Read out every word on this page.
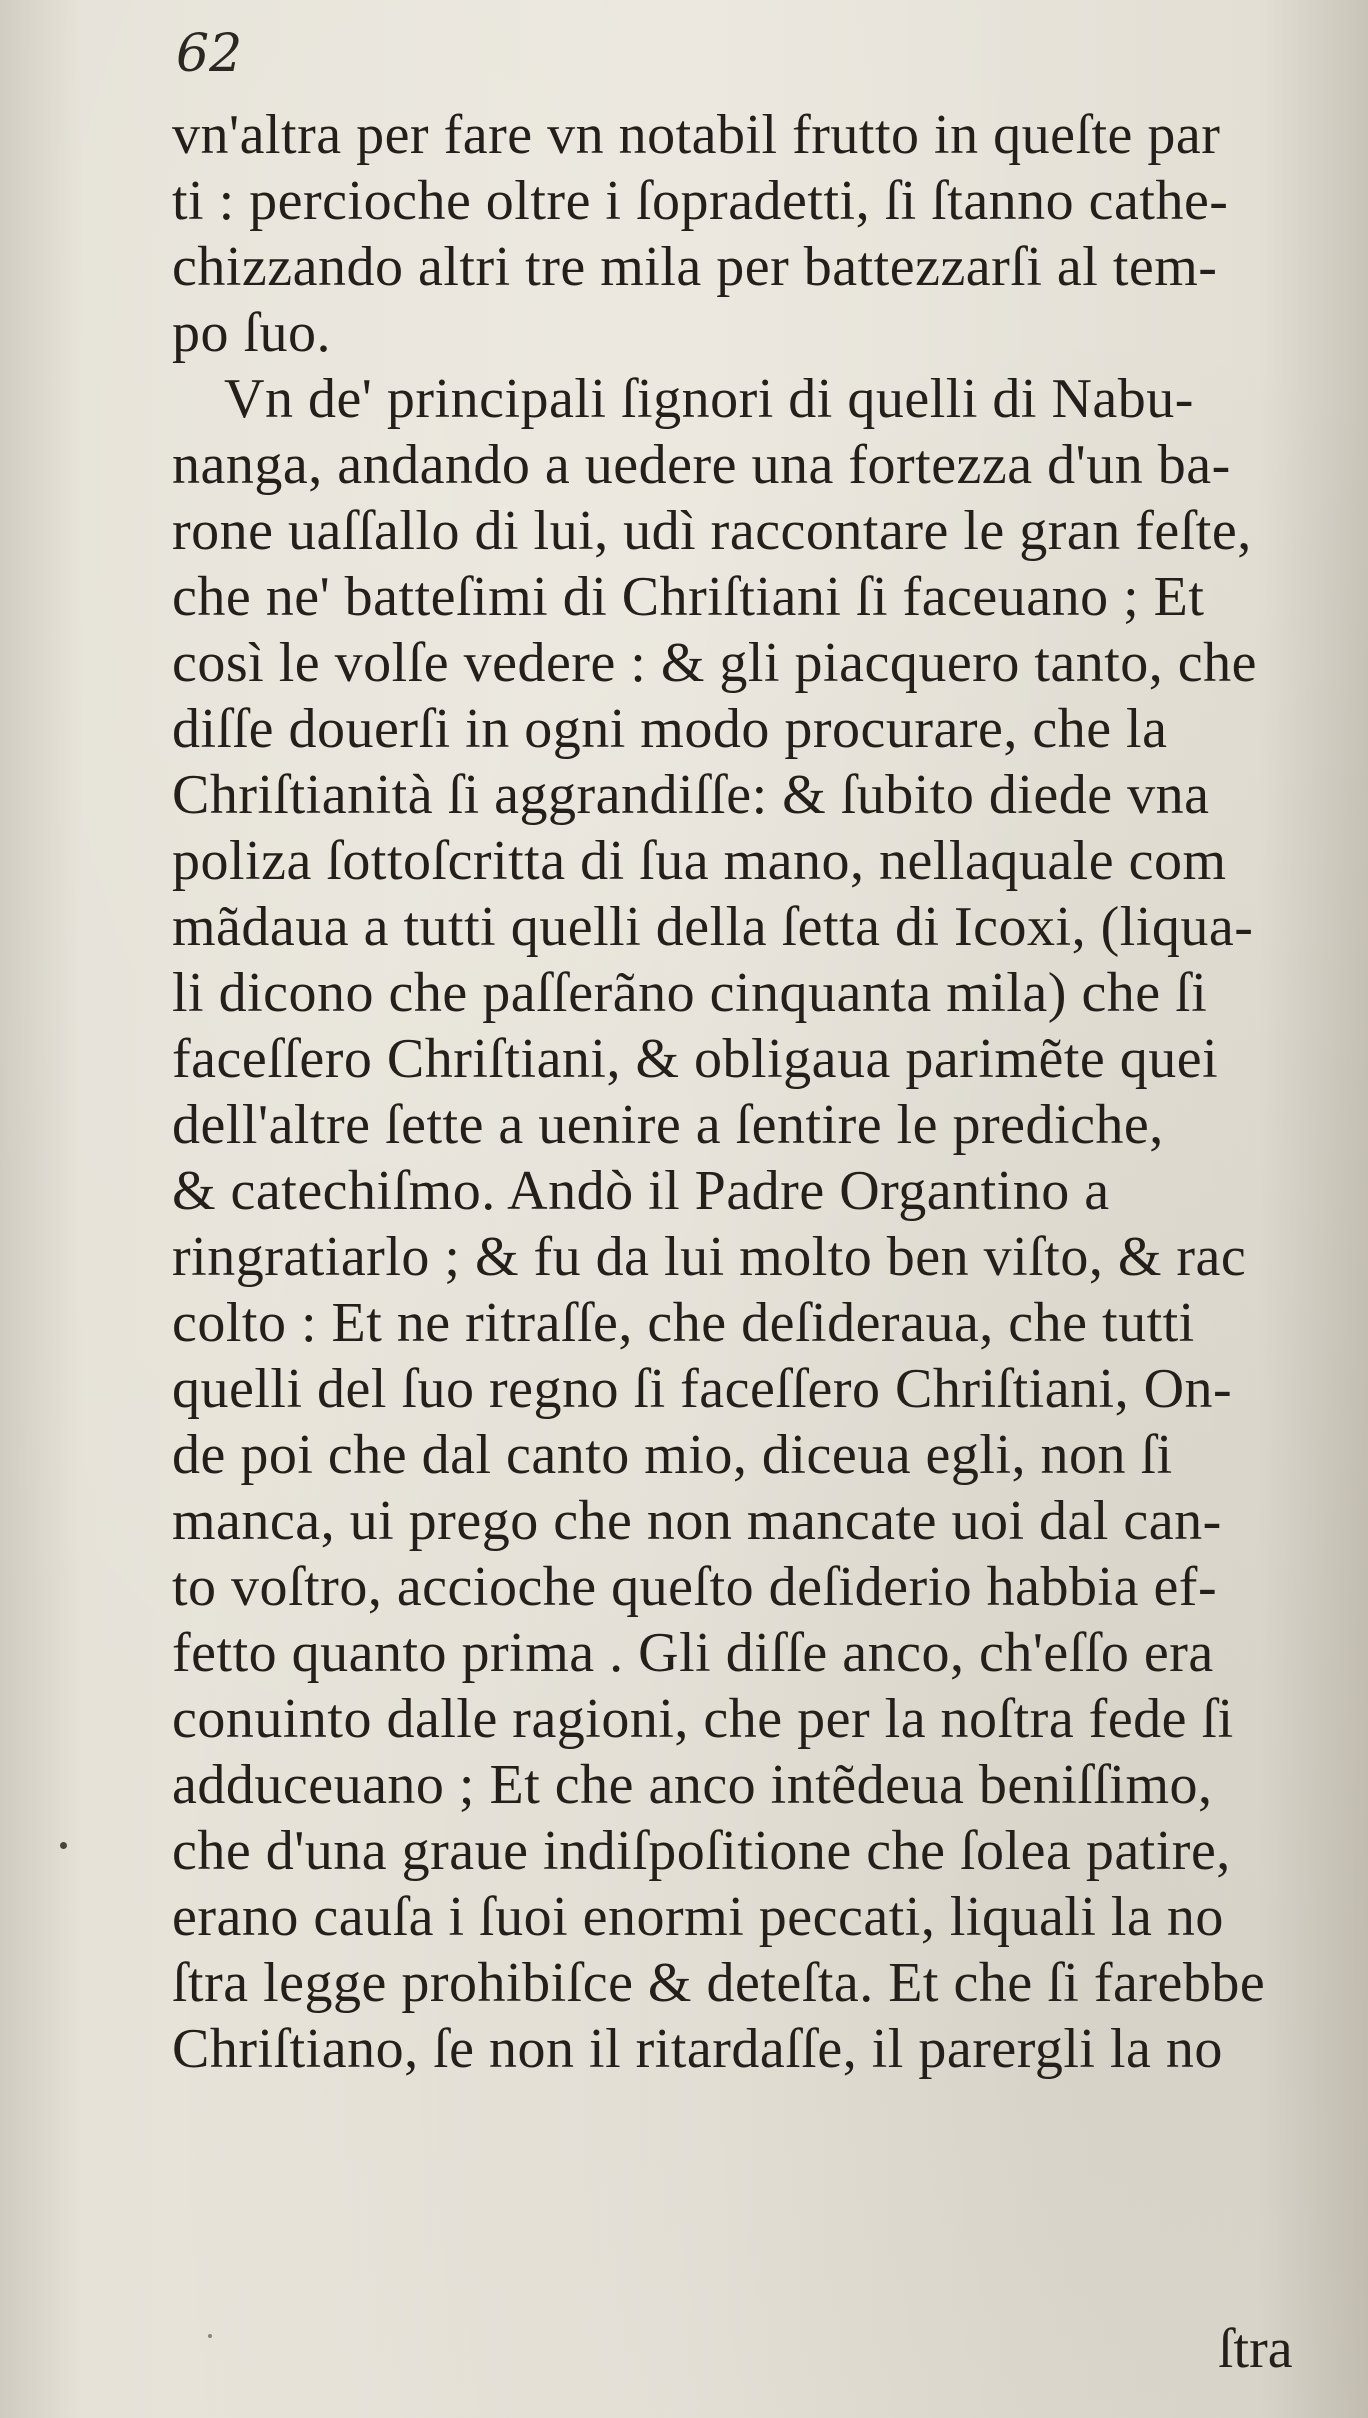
62
vn'altra per fare vn notabil frutto in queſte par
ti : percioche oltre i ſopradetti, ſi ſtanno cathe-
chizzando altri tre mila per battezzarſi al tem-
po ſuo.
Vn de' principali ſignori di quelli di Nabu-
nanga, andando a uedere una fortezza d'un ba-
rone uaſſallo di lui, udì raccontare le gran feſte,
che ne' batteſimi di Chriſtiani ſi faceuano ; Et
così le volſe vedere : & gli piacquero tanto, che
diſſe douerſi in ogni modo procurare, che la
Chriſtianità ſi aggrandiſſe: & ſubito diede vna
poliza ſottoſcritta di ſua mano, nellaquale com
mãdaua a tutti quelli della ſetta di Icoxi, (liqua-
li dicono che paſſerãno cinquanta mila) che ſi
faceſſero Chriſtiani, & obligaua parimẽte quei
dell'altre ſette a uenire a ſentire le prediche,
& catechiſmo. Andò il Padre Organtino a
ringratiarlo ; & fu da lui molto ben viſto, & rac
colto : Et ne ritraſſe, che deſideraua, che tutti
quelli del ſuo regno ſi faceſſero Chriſtiani, On-
de poi che dal canto mio, diceua egli, non ſi
manca, ui prego che non mancate uoi dal can-
to voſtro, accioche queſto deſiderio habbia ef-
fetto quanto prima . Gli diſſe anco, ch'eſſo era
conuinto dalle ragioni, che per la noſtra fede ſi
adduceuano ; Et che anco intẽdeua beniſſimo,
che d'una graue indiſpoſitione che ſolea patire,
erano cauſa i ſuoi enormi peccati, liquali la no
ſtra legge prohibiſce & deteſta. Et che ſi farebbe
Chriſtiano, ſe non il ritardaſſe, il parergli la no
ſtra
